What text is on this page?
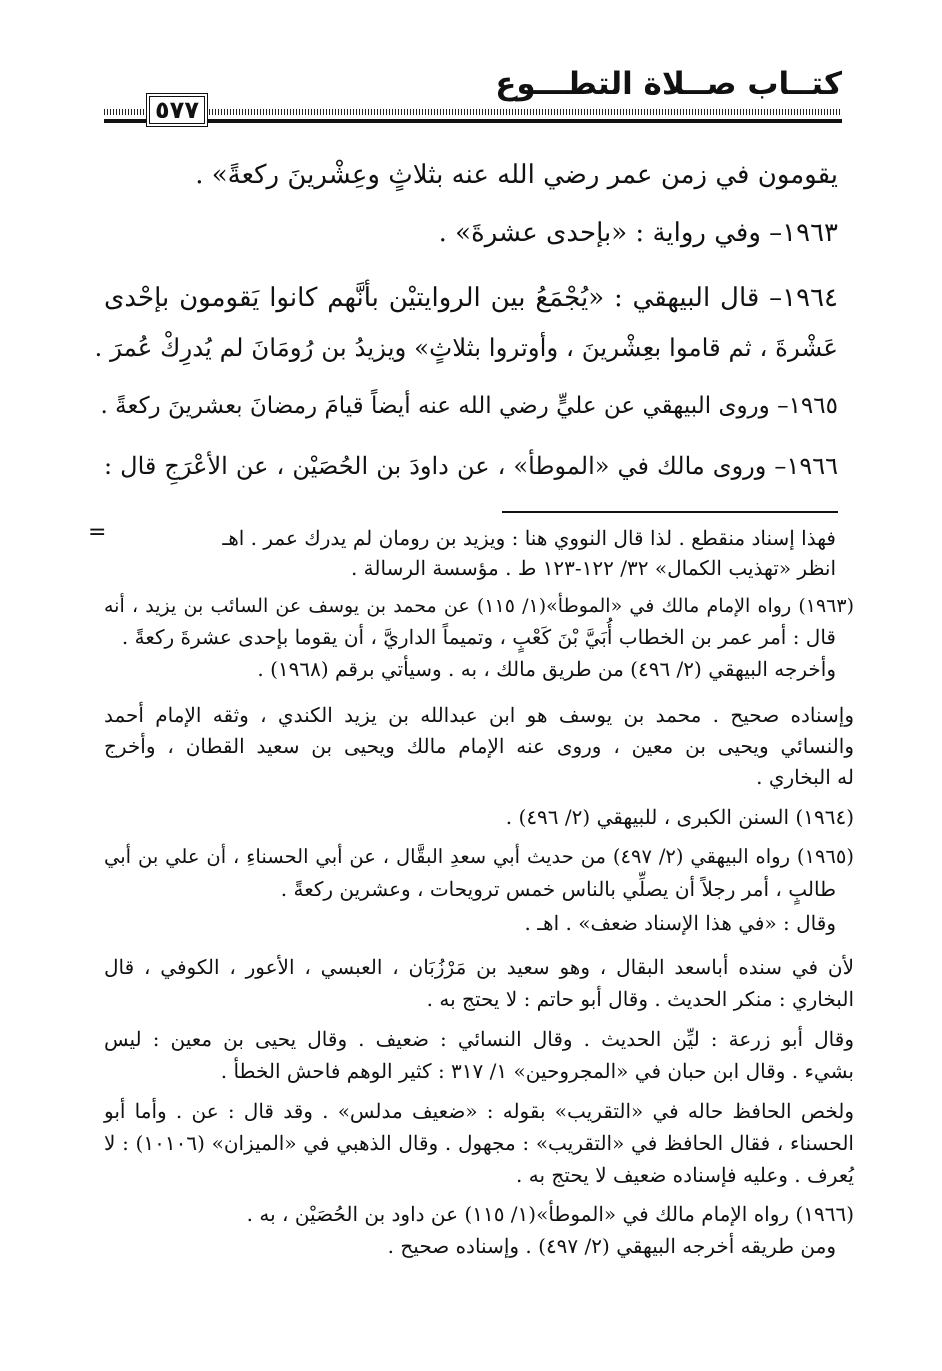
كتــاب صــلاة التطـــوع
٥٧٧
يقومون في زمن عمر رضي الله عنه بثلاثٍ وعِشْرينَ ركعةً» .
١٩٦٣– وفي رواية : «بإحدى عشرةَ» .
١٩٦٤– قال البيهقي : «يُجْمَعُ بين الروايتيْن بأنَّهم كانوا يَقومون بإحْدى
عَشْرةَ ، ثم قاموا بعِشْرينَ ، وأوتروا بثلاثٍ» ويزيدُ بن رُومَانَ لم يُدرِكْ عُمرَ .
١٩٦٥– وروى البيهقي عن عليٍّ رضي الله عنه أيضاً قيامَ رمضانَ بعشرينَ ركعةً .
١٩٦٦– وروى مالك في «الموطأ» ، عن داودَ بن الحُصَيْن ، عن الأعْرَجِ قال :
=	فهذا إسناد منقطع . لذا قال النووي هنا : ويزيد بن رومان لم يدرك عمر . اهـ
انظر «تهذيب الكمال» ٣٢/ ١٢٢-١٢٣ ط . مؤسسة الرسالة .
(١٩٦٣) رواه الإمام مالك في «الموطأ»(١/ ١١٥) عن محمد بن يوسف عن السائب بن يزيد ، أنه
قال : أمر عمر بن الخطاب أُبَيَّ بْنَ كَعْبٍ ، وتميماً الداريَّ ، أن يقوما بإحدى عشرةَ ركعةً .
وأخرجه البيهقي (٢/ ٤٩٦) من طريق مالك ، به . وسيأتي برقم (١٩٦٨) .
وإسناده صحيح . محمد بن يوسف هو ابن عبدالله بن يزيد الكندي ، وثقه الإمام أحمد
والنسائي ويحيى بن معين ، وروى عنه الإمام مالك ويحيى بن سعيد القطان ، وأخرج
له البخاري .
(١٩٦٤) السنن الكبرى ، للبيهقي (٢/ ٤٩٦) .
(١٩٦٥) رواه البيهقي (٢/ ٤٩٧) من حديث أبي سعدِ البقَّال ، عن أبي الحسناءِ ، أن علي بن أبي
طالبٍ ، أمر رجلاً أن يصلِّي بالناس خمس ترويحات ، وعشرين ركعةً .
وقال : «في هذا الإسناد ضعف» . اهـ .
لأن في سنده أباسعد البقال ، وهو سعيد بن مَرْزُبَان ، العبسي ، الأعور ، الكوفي ، قال
البخاري : منكر الحديث . وقال أبو حاتم : لا يحتج به .
وقال أبو زرعة : ليِّن الحديث . وقال النسائي : ضعيف . وقال يحيى بن معين : ليس
بشيء . وقال ابن حبان في «المجروحين» ١/ ٣١٧ : كثير الوهم فاحش الخطأ .
ولخص الحافظ حاله في «التقريب» بقوله : «ضعيف مدلس» . وقد قال : عن . وأما أبو
الحسناء ، فقال الحافظ في «التقريب» : مجهول . وقال الذهبي في «الميزان» (١٠١٠٦) : لا
يُعرف . وعليه فإسناده ضعيف لا يحتج به .
(١٩٦٦) رواه الإمام مالك في «الموطأ»(١/ ١١٥) عن داود بن الحُصَيْن ، به .
ومن طريقه أخرجه البيهقي (٢/ ٤٩٧) . وإسناده صحيح .
